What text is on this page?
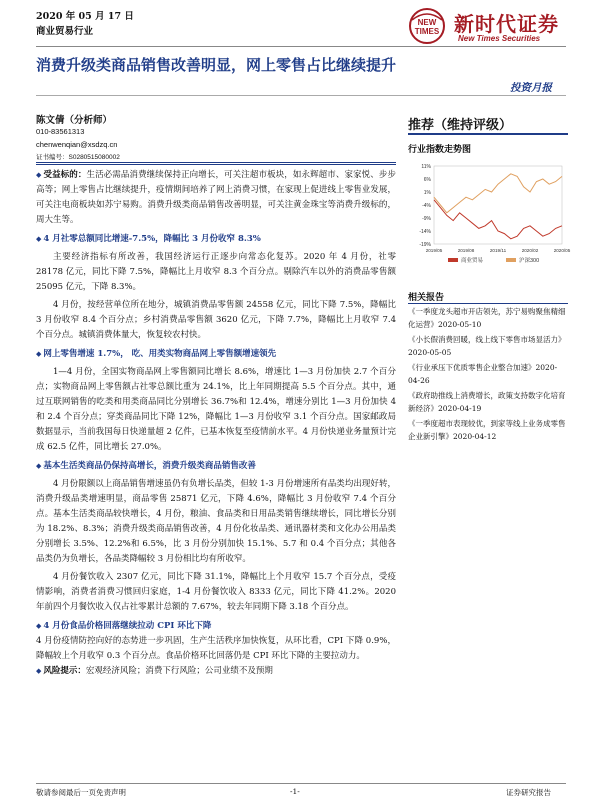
2020 年 05 月 17 日
商业贸易行业
NEW
TIMES 新时代证券
New Times Securities
消费升级类商品销售改善明显，网上零售占比继续提升
投资月报
陈文倩（分析师）
010-83561313
chenwenqian@xsdzq.cn
证书编号：S0280515080002
推荐（维持评级）
行业指数走势图
11%
6%
1%
-4%
-9%
-14%
-19%
2019/05	2019/08	2019/11	2020/02	2020/05
商业贸易	沪深300
相关报告
《一季度龙头超市开店领先，苏宁易购聚焦精细化运营》2020-05-10
《小长假消费回暖，线上线下零售市场显活力》2020-05-05
《行业承压下优质零售企业整合加速》2020-04-26
《政府助推线上消费增长，政策支持数字化培育新经济》2020-04-19
《一季度超市表现较优，到家等线上业务成零售企业新引擎》2020-04-12

◆ 受益标的：生活必需品消费继续保持正向增长，可关注超市板块，如永辉超市、家家悦、步步高等；网上零售占比继续提升，疫情期间培养了网上消费习惯，在家现上促进线上零售业发展，可关注电商板块如苏宁易购。消费升级类商品销售改善明显，可关注黄金珠宝等消费升级标的，周大生等。

◆ 4 月社零总额同比增速-7.5%，降幅比 3 月份收窄 8.3%

主要经济指标有所改善，我国经济运行正逐步向常态化复苏。2020 年 4 月份，社零 28178 亿元，同比下降 7.5%，降幅比上月收窄 8.3 个百分点。剔除汽车以外的消费品零售额 25095 亿元，下降 8.3%。

4 月份，按经营单位所在地分，城镇消费品零售额 24558 亿元，同比下降 7.5%，降幅比 3 月份收窄 8.4 个百分点；乡村消费品零售额 3620 亿元，下降 7.7%，降幅比上月收窄 7.4 个百分点。城镇消费体量大，恢复较农村快。

◆ 网上零售增速 1.7%， 吃、用类实物商品网上零售额增速领先

1—4 月份，全国实物商品网上零售额同比增长 8.6%，增速比 1—3 月份加快 2.7 个百分点；实物商品网上零售额占社零总额比重为 24.1%，比上年同期提高 5.5 个百分点。其中，通过互联网销售的吃类和用类商品同比分别增长 36.7%和 12.4%，增速分别比 1—3 月份加快 4 和 2.4 个百分点；穿类商品同比下降 12%，降幅比 1—3 月份收窄 3.1 个百分点。国家邮政局数据显示，当前我国每日快递量超 2 亿件，已基本恢复至疫情前水平。4 月份快递业务量预计完成 62.5 亿件，同比增长 27.0%。

◆ 基本生活类商品仍保持高增长，消费升级类商品销售改善

4 月份限额以上商品销售增速虽仍有负增长品类，但较 1-3 月份增速所有品类均出现好转，消费升级品类增速明显，商品零售 25871 亿元，下降 4.6%，降幅比 3 月份收窄 7.4 个百分点。基本生活类商品较快增长，4 月份，粮油、食品类和日用品类销售继续增长，同比增长分别为 18.2%、8.3%；消费升级类商品销售改善，4 月份化妆品类、通讯器材类和文化办公用品类分别增长 3.5%、12.2%和 6.5%，比 3 月份分别加快 15.1%、5.7 和 0.4 个百分点；其他各品类仍为负增长，各品类降幅较 3 月份相比均有所收窄。

4 月份餐饮收入 2307 亿元，同比下降 31.1%，降幅比上个月收窄 15.7 个百分点，受疫情影响，消费者消费习惯回归家庭，1-4 月份餐饮收入 8333 亿元，同比下降 41.2%。2020 年前四个月餐饮收入仅占社零累计总额的 7.67%，较去年同期下降 3.18 个百分点。

◆ 4 月份食品价格回落继续拉动 CPI 环比下降

4 月份疫情防控向好的态势进一步巩固，生产生活秩序加快恢复，从环比看，CPI 下降 0.9%，降幅较上个月收窄 0.3 个百分点。食品价格环比回落仍是 CPI 环比下降的主要拉动力。

◆ 风险提示：宏观经济风险；消费下行风险；公司业绩不及预期

敬请参阅最后一页免责声明	-1-	证券研究报告
